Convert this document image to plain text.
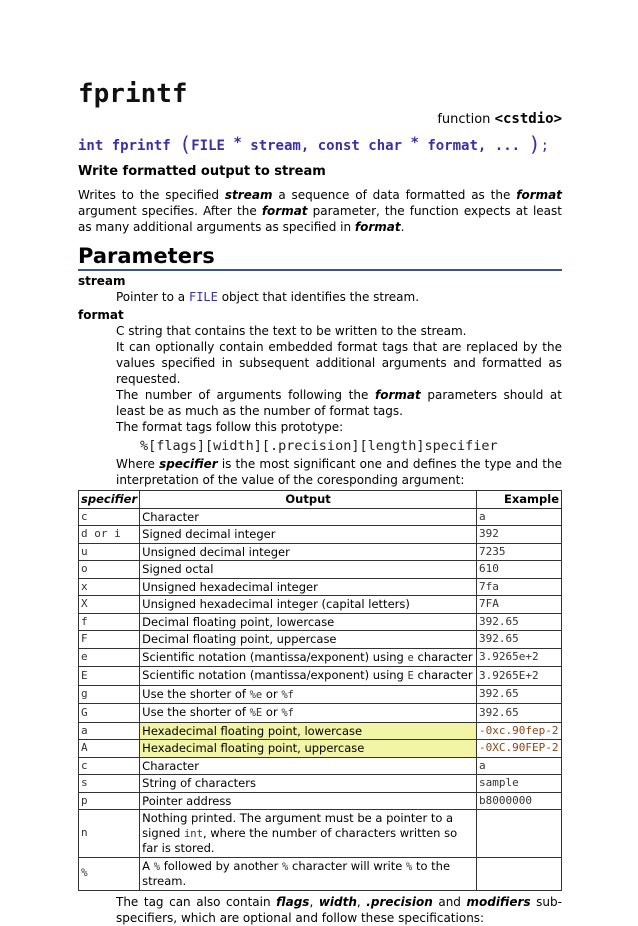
fprintf
function <cstdio>
int fprintf (FILE * stream, const char * format, ... );
Write formatted output to stream
Writes to the specified stream a sequence of data formatted as the format argument specifies. After the format parameter, the function expects at least as many additional arguments as specified in format.
Parameters
stream
Pointer to a FILE object that identifies the stream.
format
C string that contains the text to be written to the stream.
It can optionally contain embedded format tags that are replaced by the values specified in subsequent additional arguments and formatted as requested.
The number of arguments following the format parameters should at least be as much as the number of format tags.
The format tags follow this prototype:
%[flags][width][.precision][length]specifier
Where specifier is the most significant one and defines the type and the interpretation of the value of the coresponding argument:
specifier	Output	Example
c	Character	a
d or i	Signed decimal integer	392
u	Unsigned decimal integer	7235
o	Signed octal	610
x	Unsigned hexadecimal integer	7fa
X	Unsigned hexadecimal integer (capital letters)	7FA
f	Decimal floating point, lowercase	392.65
F	Decimal floating point, uppercase	392.65
e	Scientific notation (mantissa/exponent) using e character	3.9265e+2
E	Scientific notation (mantissa/exponent) using E character	3.9265E+2
g	Use the shorter of %e or %f	392.65
G	Use the shorter of %E or %f	392.65
a	Hexadecimal floating point, lowercase	-0xc.90fep-2
A	Hexadecimal floating point, uppercase	-0XC.90FEP-2
c	Character	a
s	String of characters	sample
p	Pointer address	b8000000
n	Nothing printed. The argument must be a pointer to a signed int, where the number of characters written so far is stored.	
%	A % followed by another % character will write % to the stream.	
The tag can also contain flags, width, .precision and modifiers sub-specifiers, which are optional and follow these specifications:
